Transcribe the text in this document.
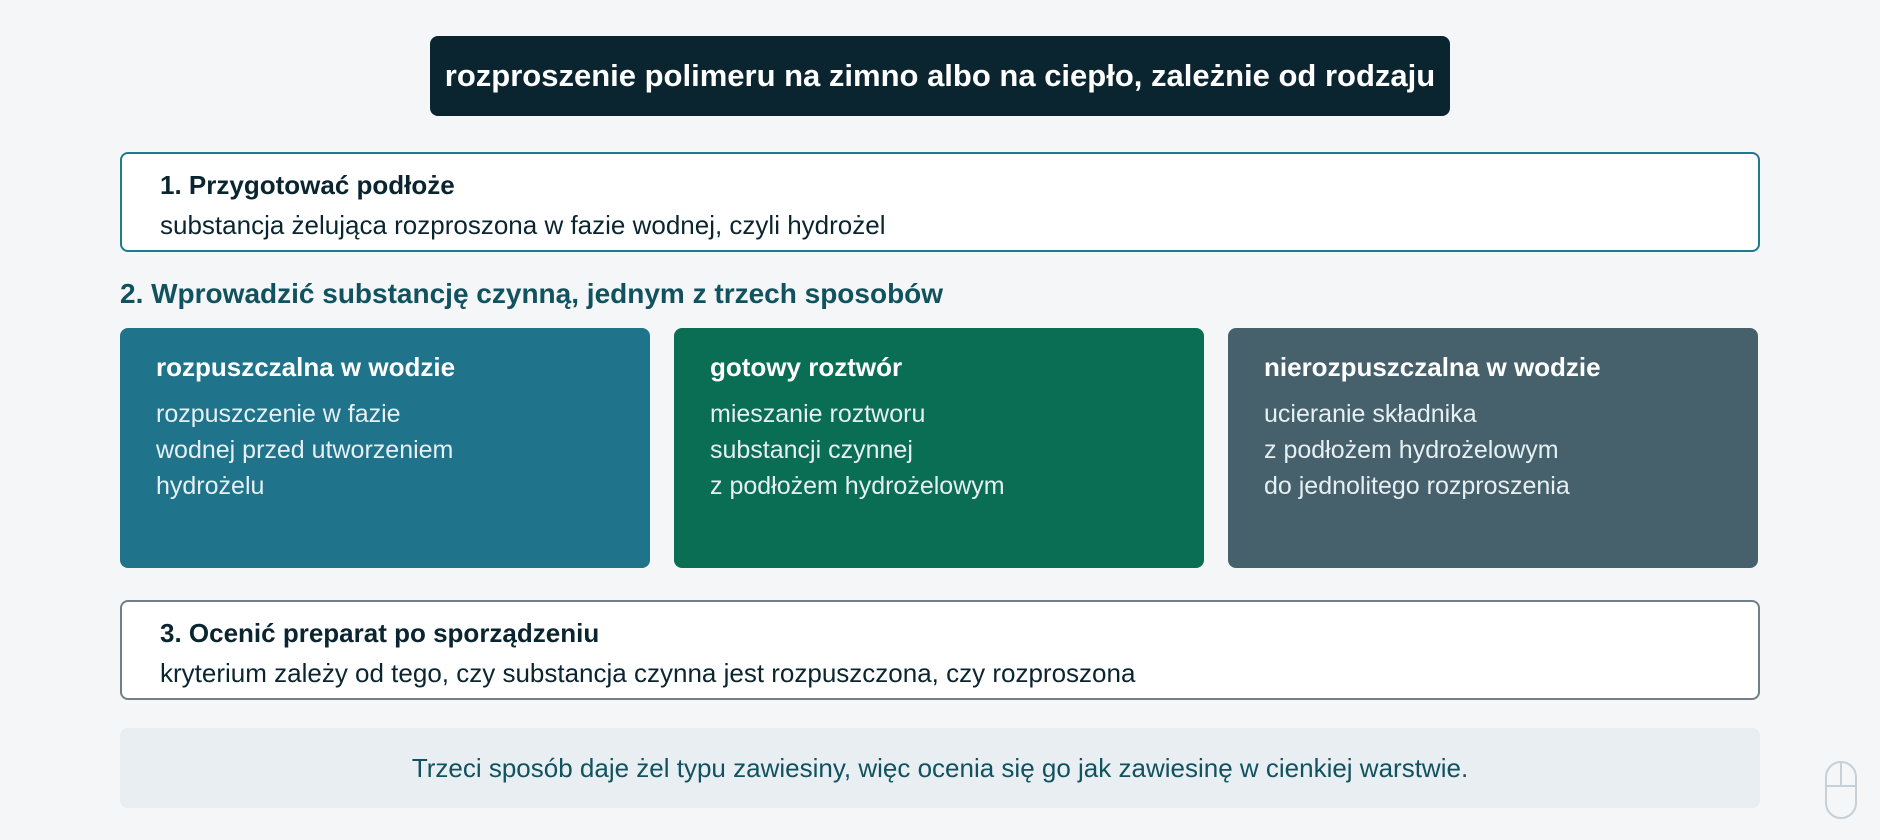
rozproszenie polimeru na zimno albo na ciepło, zależnie od rodzaju
1. Przygotować podłoże
substancja żelująca rozproszona w fazie wodnej, czyli hydrożel
2. Wprowadzić substancję czynną, jednym z trzech sposobów
rozpuszczalna w wodzie
rozpuszczenie w fazie
wodnej przed utworzeniem
hydrożelu
gotowy roztwór
mieszanie roztworu
substancji czynnej
z podłożem hydrożelowym
nierozpuszczalna w wodzie
ucieranie składnika
z podłożem hydrożelowym
do jednolitego rozproszenia
3. Ocenić preparat po sporządzeniu
kryterium zależy od tego, czy substancja czynna jest rozpuszczona, czy rozproszona
Trzeci sposób daje żel typu zawiesiny, więc ocenia się go jak zawiesinę w cienkiej warstwie.
